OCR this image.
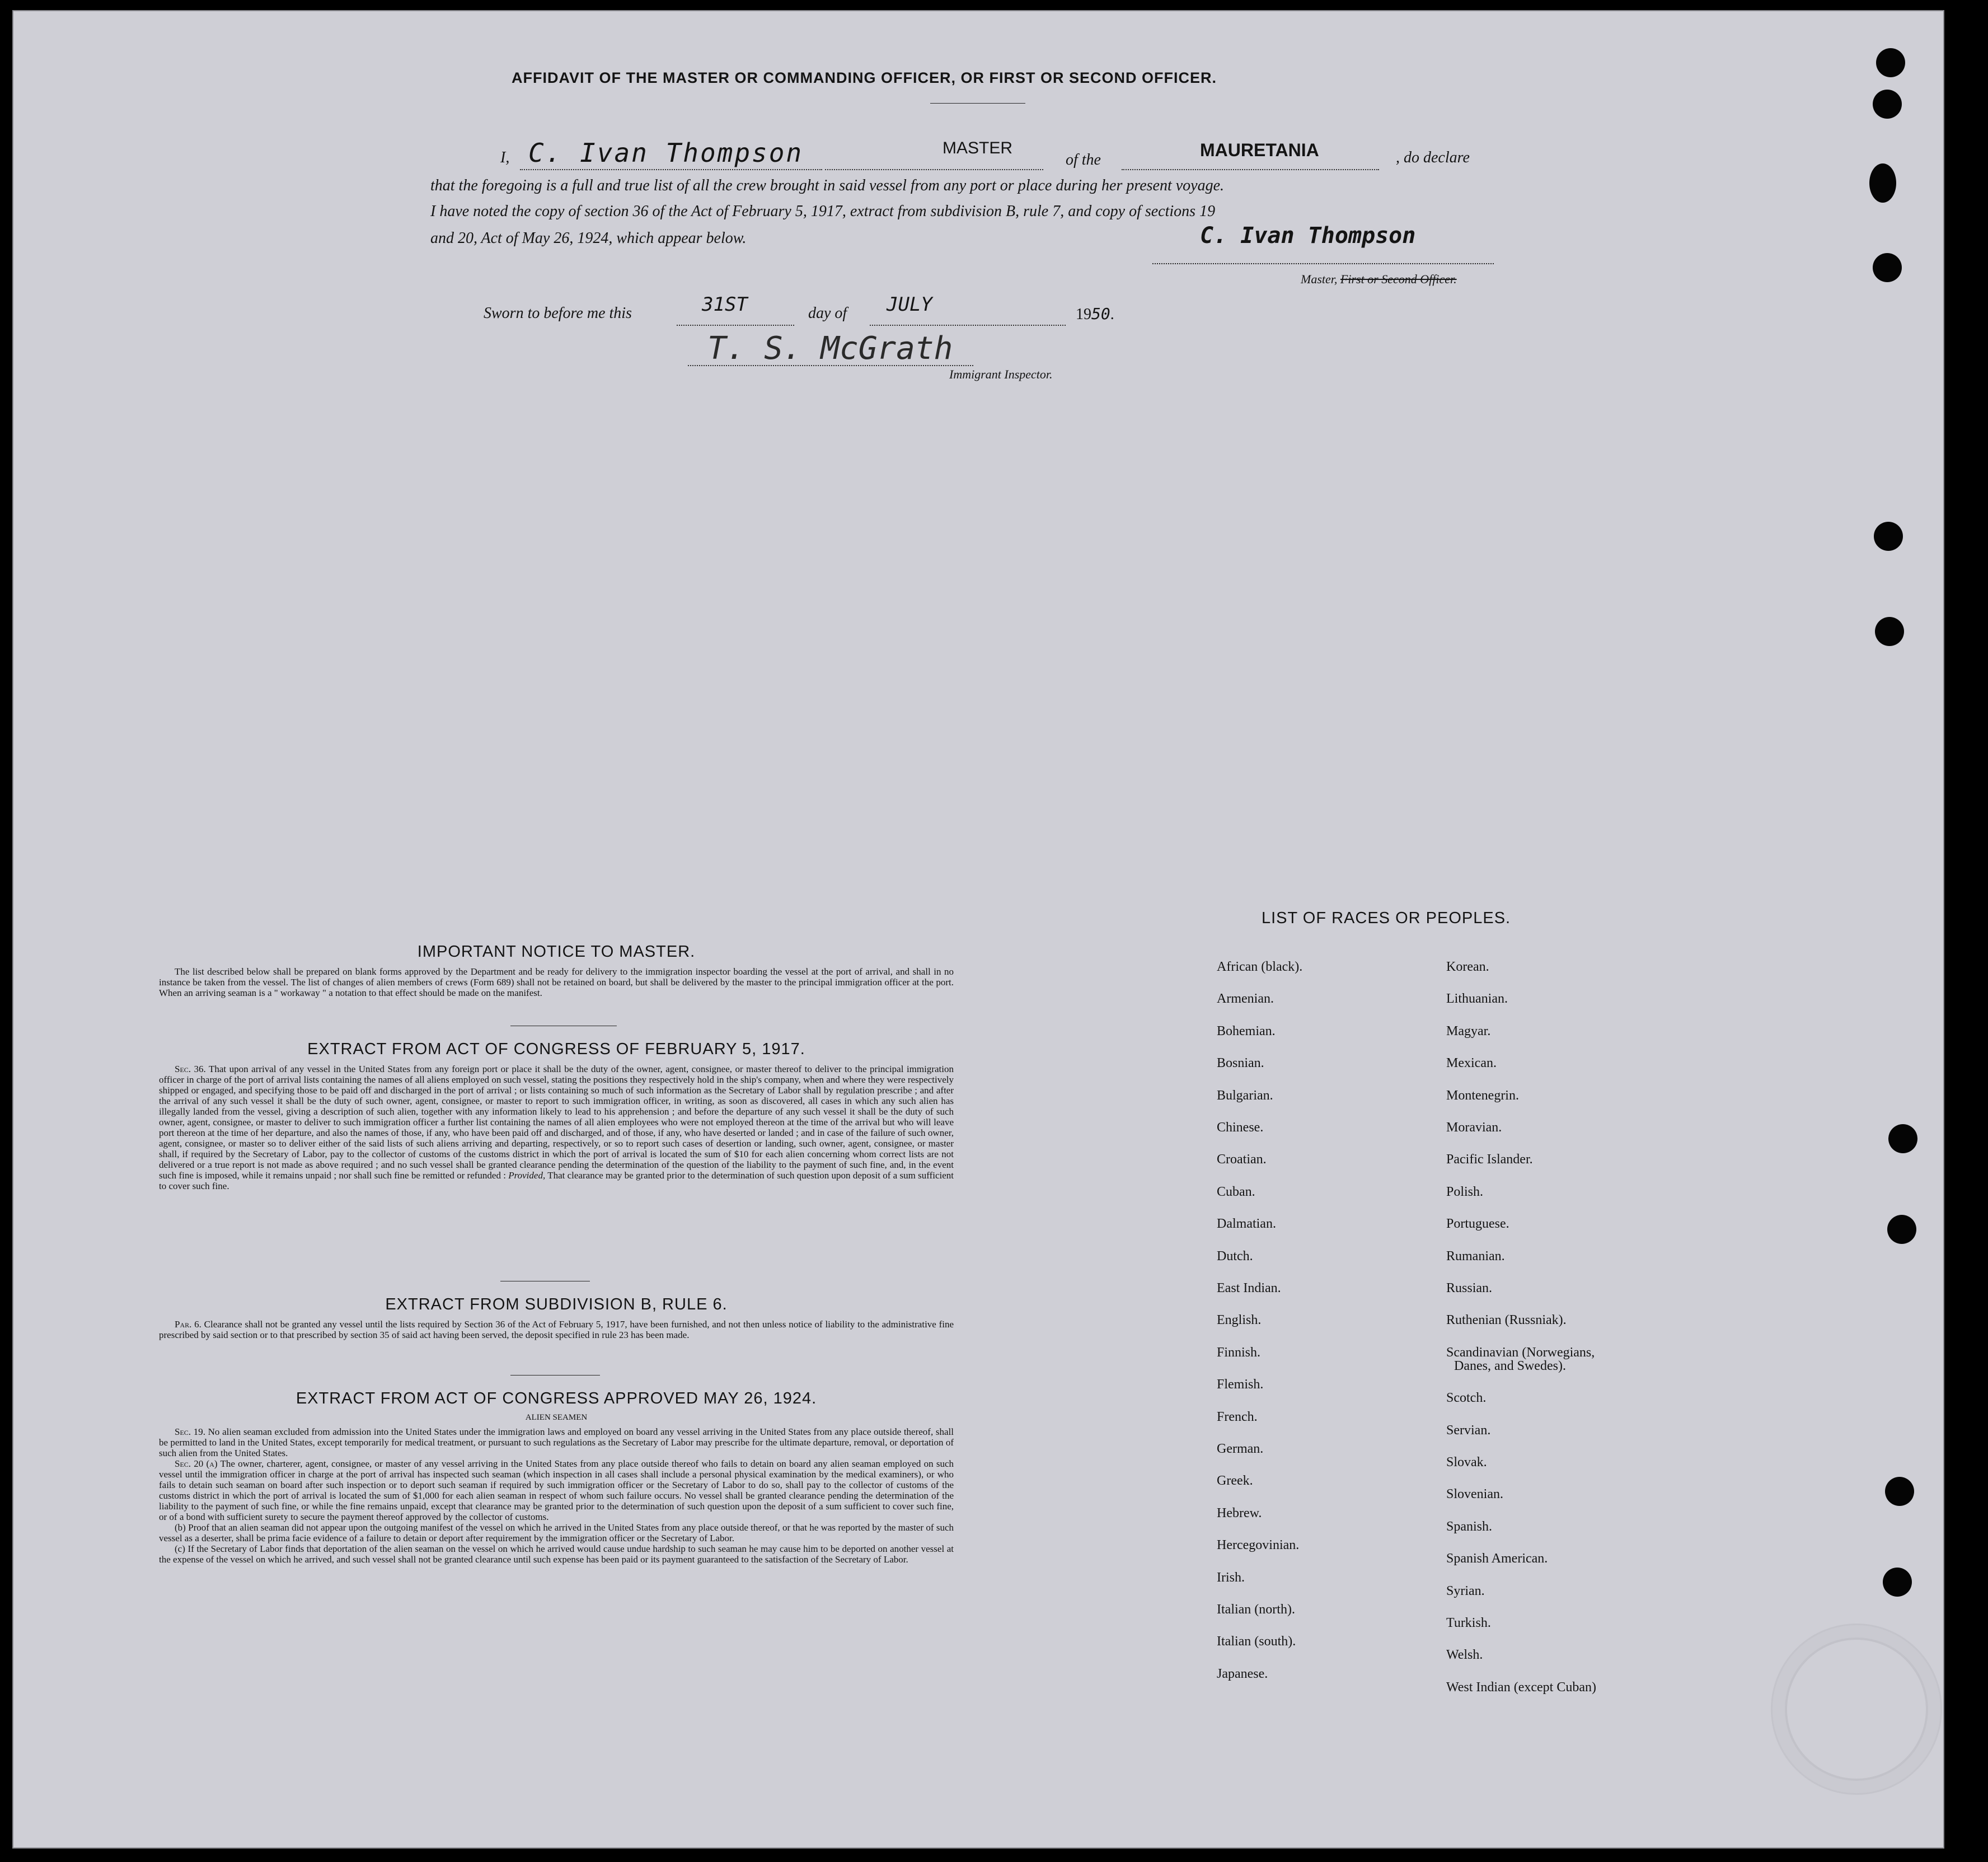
AFFIDAVIT OF THE MASTER OR COMMANDING OFFICER, OR FIRST OR SECOND OFFICER.
I, C. Ivan Thompson	MASTER
of the	MAURETANIA	, do declare
that the foregoing is a full and true list of all the crew brought in said vessel from any port or place during her present voyage.
I have noted the copy of section 36 of the Act of February 5, 1917, extract from subdivision B, rule 7, and copy of sections 19
and 20, Act of May 26, 1924, which appear below.	C. Ivan Thompson
Master, First or Second Officer.
Sworn to before me this	31ST	day of JULY	1950.
T. S. McGrath
Immigrant Inspector.
IMPORTANT NOTICE TO MASTER.

The list described below shall be prepared on blank forms approved by the Department and be ready for delivery to the immigration inspector boarding the vessel at the port of arrival, and shall in no instance be taken from the vessel. The list of changes of alien members of crews (Form 689) shall not be retained on board, but shall be delivered by the master to the principal immigration officer at the port. When an arriving seaman is a " workaway " a notation to that effect should be made on the manifest.

EXTRACT FROM ACT OF CONGRESS OF FEBRUARY 5, 1917.

Sec. 36. That upon arrival of any vessel in the United States from any foreign port or place it shall be the duty of the owner, agent, consignee, or master thereof to deliver to the principal immigration officer in charge of the port of arrival lists containing the names of all aliens employed on such vessel, stating the positions they respectively hold in the ship's company, when and where they were respectively shipped or engaged, and specifying those to be paid off and discharged in the port of arrival ; or lists containing so much of such information as the Secretary of Labor shall by regulation prescribe ; and after the arrival of any such vessel it shall be the duty of such owner, agent, consignee, or master to report to such immigration officer, in writing, as soon as discovered, all cases in which any such alien has illegally landed from the vessel, giving a description of such alien, together with any information likely to lead to his apprehension ; and before the departure of any such vessel it shall be the duty of such owner, agent, consignee, or master to deliver to such immigration officer a further list containing the names of all alien employees who were not employed thereon at the time of the arrival but who will leave port thereon at the time of her departure, and also the names of those, if any, who have been paid off and discharged, and of those, if any, who have deserted or landed ; and in case of the failure of such owner, agent, consignee, or master so to deliver either of the said lists of such aliens arriving and departing, respectively, or so to report such cases of desertion or landing, such owner, agent, consignee, or master shall, if required by the Secretary of Labor, pay to the collector of customs of the customs district in which the port of arrival is located the sum of $10 for each alien concerning whom correct lists are not delivered or a true report is not made as above required ; and no such vessel shall be granted clearance pending the determination of the question of the liability to the payment of such fine, and, in the event such fine is imposed, while it remains unpaid ; nor shall such fine be remitted or refunded : Provided, That clearance may be granted prior to the determination of such question upon deposit of a sum sufficient to cover such fine.

EXTRACT FROM SUBDIVISION B, RULE 6.

Par. 6. Clearance shall not be granted any vessel until the lists required by Section 36 of the Act of February 5, 1917, have been furnished, and not then unless notice of liability to the administrative fine prescribed by said section or to that prescribed by section 35 of said act having been served, the deposit specified in rule 23 has been made.

EXTRACT FROM ACT OF CONGRESS APPROVED MAY 26, 1924.
ALIEN SEAMEN

Sec. 19. No alien seaman excluded from admission into the United States under the immigration laws and employed on board any vessel arriving in the United States from any place outside thereof, shall be permitted to land in the United States, except temporarily for medical treatment, or pursuant to such regulations as the Secretary of Labor may prescribe for the ultimate departure, removal, or deportation of such alien from the United States.

Sec. 20 (a) The owner, charterer, agent, consignee, or master of any vessel arriving in the United States from any place outside thereof who fails to detain on board any alien seaman employed on such vessel until the immigration officer in charge at the port of arrival has inspected such seaman (which inspection in all cases shall include a personal physical examination by the medical examiners), or who fails to detain such seaman on board after such inspection or to deport such seaman if required by such immigration officer or the Secretary of Labor to do so, shall pay to the collector of customs of the customs district in which the port of arrival is located the sum of $1,000 for each alien seaman in respect of whom such failure occurs. No vessel shall be granted clearance pending the determination of the liability to the payment of such fine, or while the fine remains unpaid, except that clearance may be granted prior to the determination of such question upon the deposit of a sum sufficient to cover such fine, or of a bond with sufficient surety to secure the payment thereof approved by the collector of customs.

(b) Proof that an alien seaman did not appear upon the outgoing manifest of the vessel on which he arrived in the United States from any place outside thereof, or that he was reported by the master of such vessel as a deserter, shall be prima facie evidence of a failure to detain or deport after requirement by the immigration officer or the Secretary of Labor.

(c) If the Secretary of Labor finds that deportation of the alien seaman on the vessel on which he arrived would cause undue hardship to such seaman he may cause him to be deported on another vessel at the expense of the vessel on which he arrived, and such vessel shall not be granted clearance until such expense has been paid or its payment guaranteed to the satisfaction of the Secretary of Labor.

LIST OF RACES OR PEOPLES.
African (black).
Armenian.
Bohemian.
Bosnian.
Bulgarian.
Chinese.
Croatian.
Cuban.
Dalmatian.
Dutch.
East Indian.
English.
Finnish.
Flemish.
French.
German.
Greek.
Hebrew.
Hercegovinian.
Irish.
Italian (north).
Italian (south).
Japanese.
Korean.
Lithuanian.
Magyar.
Mexican.
Montenegrin.
Moravian.
Pacific Islander.
Polish.
Portuguese.
Rumanian.
Russian.
Ruthenian (Russniak).
Scandinavian (Norwegians,
Danes, and Swedes).
Scotch.
Servian.
Slovak.
Slovenian.
Spanish.
Spanish American.
Syrian.
Turkish.
Welsh.
West Indian (except Cuban)
